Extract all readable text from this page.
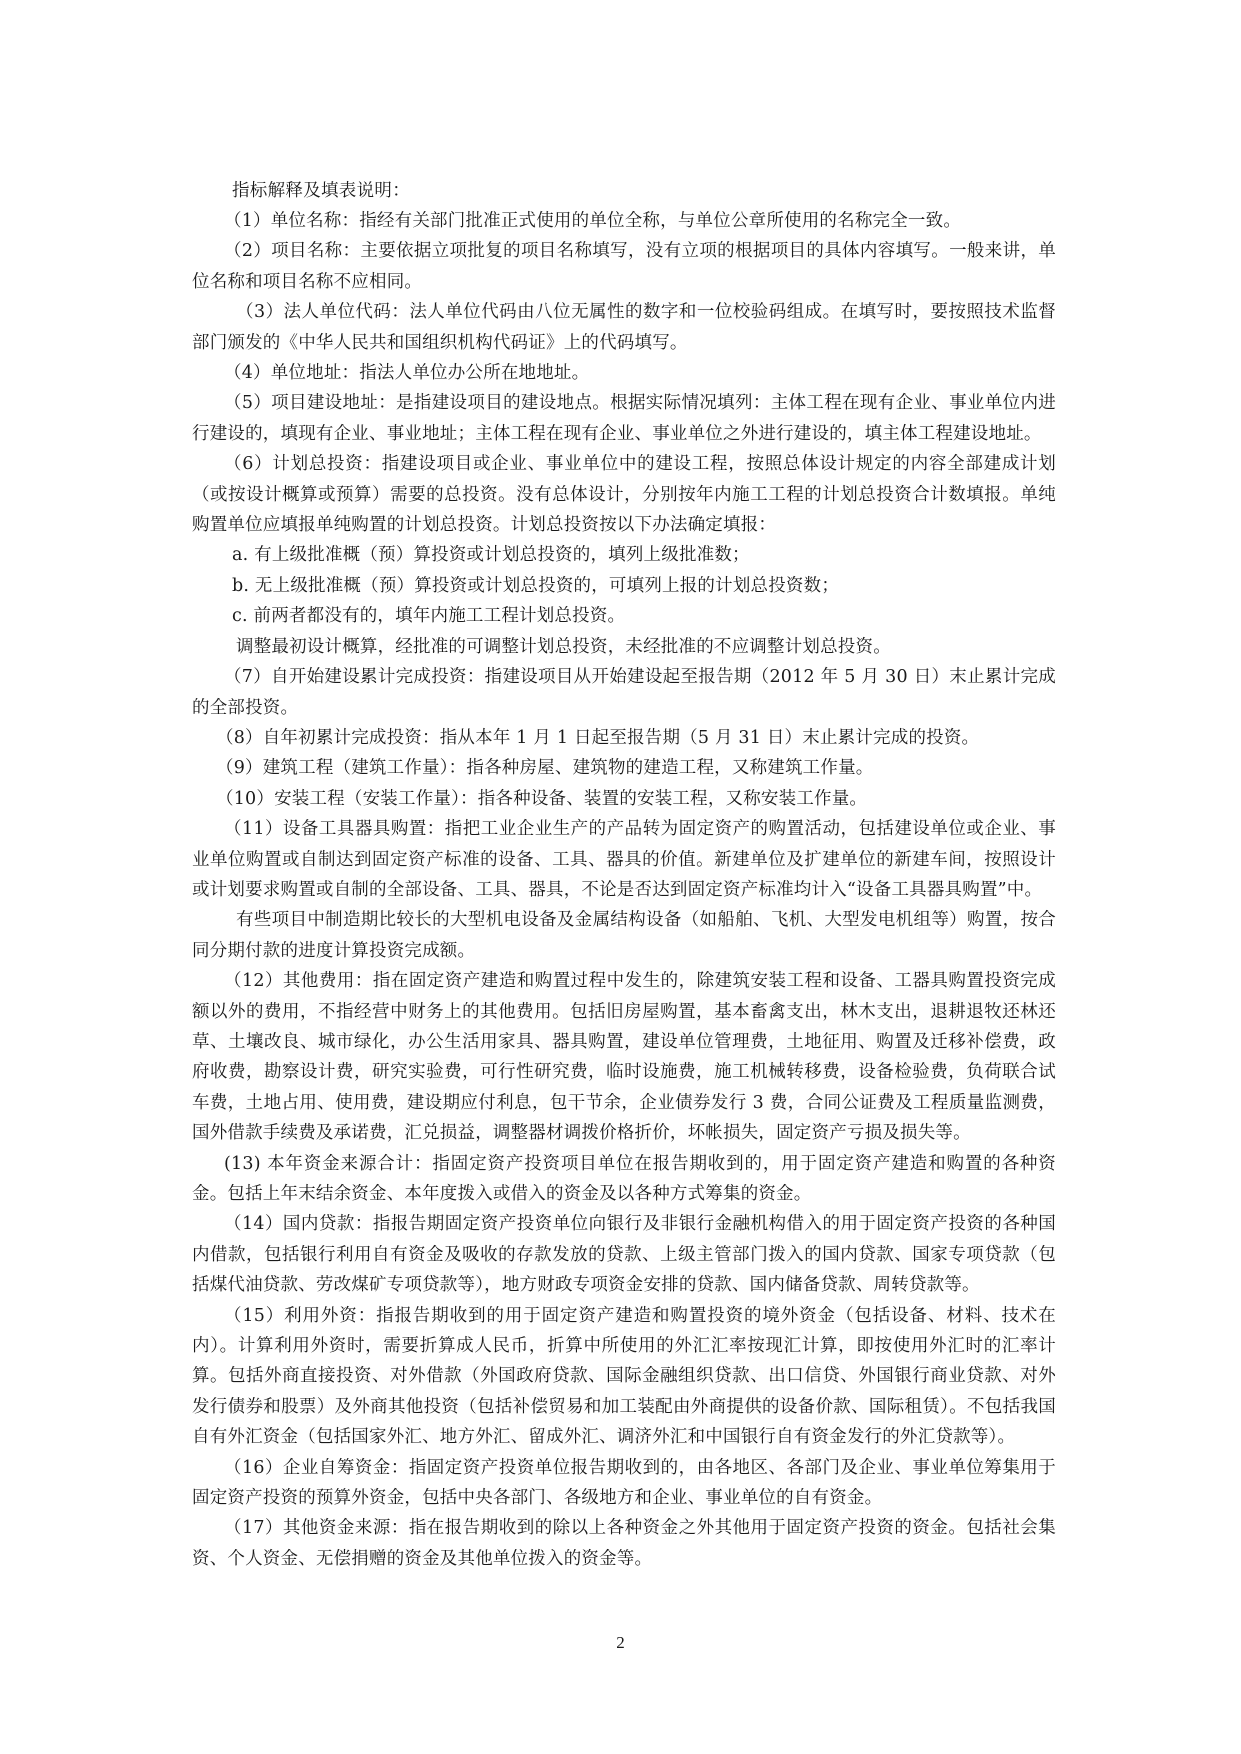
指标解释及填表说明：
（1）单位名称：指经有关部门批准正式使用的单位全称，与单位公章所使用的名称完全一致。
（2）项目名称：主要依据立项批复的项目名称填写，没有立项的根据项目的具体内容填写。一般来讲，单位名称和项目名称不应相同。
（3）法人单位代码：法人单位代码由八位无属性的数字和一位校验码组成。在填写时，要按照技术监督部门颁发的《中华人民共和国组织机构代码证》上的代码填写。
（4）单位地址：指法人单位办公所在地地址。
（5）项目建设地址：是指建设项目的建设地点。根据实际情况填列：主体工程在现有企业、事业单位内进行建设的，填现有企业、事业地址；主体工程在现有企业、事业单位之外进行建设的，填主体工程建设地址。
（6）计划总投资：指建设项目或企业、事业单位中的建设工程，按照总体设计规定的内容全部建成计划（或按设计概算或预算）需要的总投资。没有总体设计，分别按年内施工工程的计划总投资合计数填报。单纯购置单位应填报单纯购置的计划总投资。计划总投资按以下办法确定填报：
a. 有上级批准概（预）算投资或计划总投资的，填列上级批准数；
b. 无上级批准概（预）算投资或计划总投资的，可填列上报的计划总投资数；
c. 前两者都没有的，填年内施工工程计划总投资。
调整最初设计概算，经批准的可调整计划总投资，未经批准的不应调整计划总投资。
（7）自开始建设累计完成投资：指建设项目从开始建设起至报告期（2012 年 5 月 30 日）末止累计完成的全部投资。
（8）自年初累计完成投资：指从本年 1 月 1 日起至报告期（5 月 31 日）末止累计完成的投资。
（9）建筑工程（建筑工作量）：指各种房屋、建筑物的建造工程，又称建筑工作量。
（10）安装工程（安装工作量）：指各种设备、装置的安装工程，又称安装工作量。
（11）设备工具器具购置：指把工业企业生产的产品转为固定资产的购置活动，包括建设单位或企业、事业单位购置或自制达到固定资产标准的设备、工具、器具的价值。新建单位及扩建单位的新建车间，按照设计或计划要求购置或自制的全部设备、工具、器具，不论是否达到固定资产标准均计入“设备工具器具购置”中。
有些项目中制造期比较长的大型机电设备及金属结构设备（如船舶、飞机、大型发电机组等）购置，按合同分期付款的进度计算投资完成额。
（12）其他费用：指在固定资产建造和购置过程中发生的，除建筑安装工程和设备、工器具购置投资完成额以外的费用，不指经营中财务上的其他费用。包括旧房屋购置，基本畜禽支出，林木支出，退耕退牧还林还草、土壤改良、城市绿化，办公生活用家具、器具购置，建设单位管理费，土地征用、购置及迁移补偿费，政府收费，勘察设计费，研究实验费，可行性研究费，临时设施费，施工机械转移费，设备检验费，负荷联合试车费，土地占用、使用费，建设期应付利息，包干节余，企业债券发行 3 费，合同公证费及工程质量监测费，国外借款手续费及承诺费，汇兑损益，调整器材调拨价格折价，坏帐损失，固定资产亏损及损失等。
(13) 本年资金来源合计：指固定资产投资项目单位在报告期收到的，用于固定资产建造和购置的各种资金。包括上年末结余资金、本年度拨入或借入的资金及以各种方式筹集的资金。
（14）国内贷款：指报告期固定资产投资单位向银行及非银行金融机构借入的用于固定资产投资的各种国内借款，包括银行利用自有资金及吸收的存款发放的贷款、上级主管部门拨入的国内贷款、国家专项贷款（包括煤代油贷款、劳改煤矿专项贷款等），地方财政专项资金安排的贷款、国内储备贷款、周转贷款等。
（15）利用外资：指报告期收到的用于固定资产建造和购置投资的境外资金（包括设备、材料、技术在内）。计算利用外资时，需要折算成人民币，折算中所使用的外汇汇率按现汇计算，即按使用外汇时的汇率计算。包括外商直接投资、对外借款（外国政府贷款、国际金融组织贷款、出口信贷、外国银行商业贷款、对外发行债券和股票）及外商其他投资（包括补偿贸易和加工装配由外商提供的设备价款、国际租赁）。不包括我国自有外汇资金（包括国家外汇、地方外汇、留成外汇、调济外汇和中国银行自有资金发行的外汇贷款等）。
（16）企业自筹资金：指固定资产投资单位报告期收到的，由各地区、各部门及企业、事业单位筹集用于固定资产投资的预算外资金，包括中央各部门、各级地方和企业、事业单位的自有资金。
（17）其他资金来源：指在报告期收到的除以上各种资金之外其他用于固定资产投资的资金。包括社会集资、个人资金、无偿捐赠的资金及其他单位拨入的资金等。
2
